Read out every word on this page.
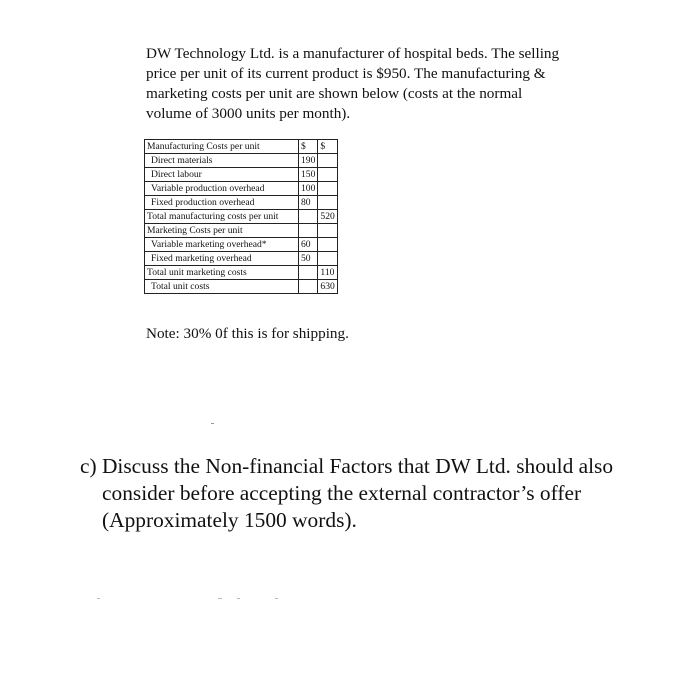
DW Technology Ltd. is a manufacturer of hospital beds. The selling price per unit of its current product is $950. The manufacturing & marketing costs per unit are shown below (costs at the normal volume of 3000 units per month).

Manufacturing Costs per unit	$	$
Direct materials	190	
Direct labour	150	
Variable production overhead	100	
Fixed production overhead	80	
Total manufacturing costs per unit		520
Marketing Costs per unit		
Variable marketing overhead*	60	
Fixed marketing overhead	50	
Total unit marketing costs		110
Total unit costs		630

Note: 30% 0f this is for shipping.

c) Discuss the Non-financial Factors that DW Ltd. should also consider before accepting the external contractor’s offer (Approximately 1500 words).
